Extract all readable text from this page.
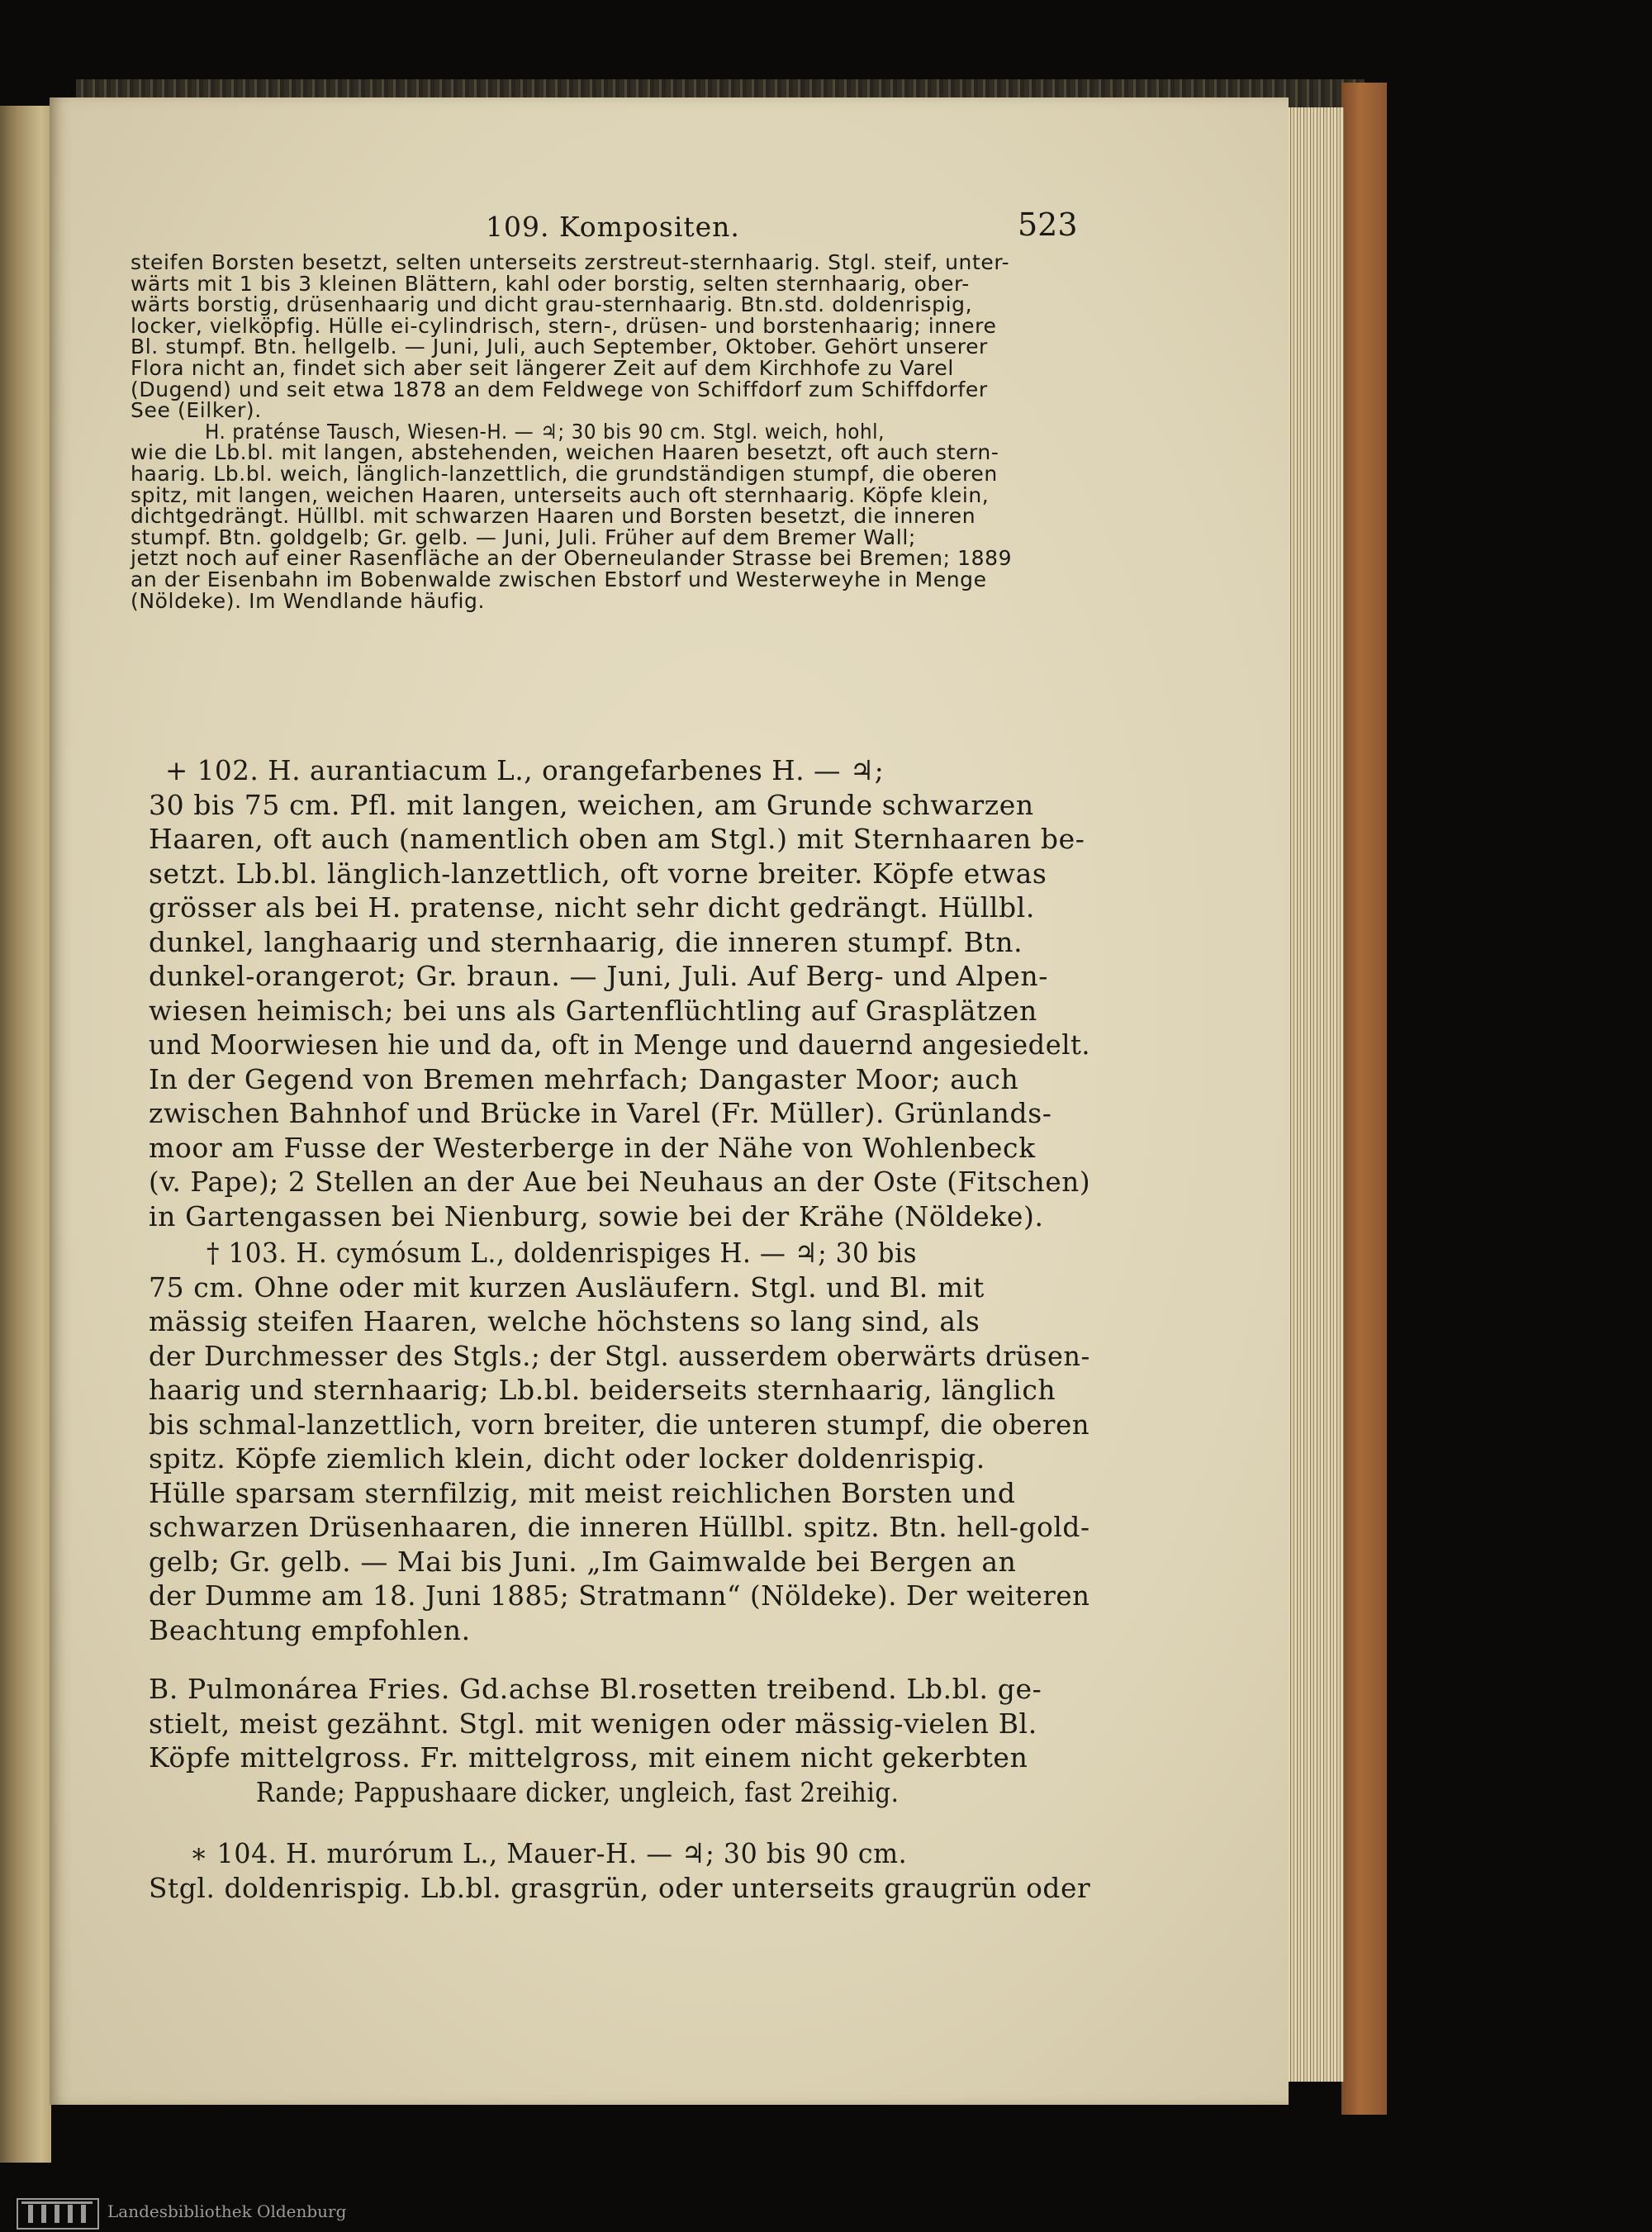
109. Kompositen.	523
steifen Borsten besetzt, selten unterseits zerstreut-sternhaarig. Stgl. steif, unter-
wärts mit 1 bis 3 kleinen Blättern, kahl oder borstig, selten sternhaarig, ober-
wärts borstig, drüsenhaarig und dicht grau-sternhaarig. Btn.std. doldenrispig,
locker, vielköpfig. Hülle ei-cylindrisch, stern-, drüsen- und borstenhaarig; innere
Bl. stumpf. Btn. hellgelb. — Juni, Juli, auch September, Oktober. Gehört unserer
Flora nicht an, findet sich aber seit längerer Zeit auf dem Kirchhofe zu Varel
(Dugend) und seit etwa 1878 an dem Feldwege von Schiffdorf zum Schiffdorfer
See (Eilker).
H. praténse Tausch, Wiesen-H. — ♃; 30 bis 90 cm. Stgl. weich, hohl,
wie die Lb.bl. mit langen, abstehenden, weichen Haaren besetzt, oft auch stern-
haarig. Lb.bl. weich, länglich-lanzettlich, die grundständigen stumpf, die oberen
spitz, mit langen, weichen Haaren, unterseits auch oft sternhaarig. Köpfe klein,
dichtgedrängt. Hüllbl. mit schwarzen Haaren und Borsten besetzt, die inneren
stumpf. Btn. goldgelb; Gr. gelb. — Juni, Juli. Früher auf dem Bremer Wall;
jetzt noch auf einer Rasenfläche an der Oberneulander Strasse bei Bremen; 1889
an der Eisenbahn im Bobenwalde zwischen Ebstorf und Westerweyhe in Menge
(Nöldeke). Im Wendlande häufig.
+ 102. H. aurantiacum L., orangefarbenes H. — ♃;
30 bis 75 cm. Pfl. mit langen, weichen, am Grunde schwarzen
Haaren, oft auch (namentlich oben am Stgl.) mit Sternhaaren be-
setzt. Lb.bl. länglich-lanzettlich, oft vorne breiter. Köpfe etwas
grösser als bei H. pratense, nicht sehr dicht gedrängt. Hüllbl.
dunkel, langhaarig und sternhaarig, die inneren stumpf. Btn.
dunkel-orangerot; Gr. braun. — Juni, Juli. Auf Berg- und Alpen-
wiesen heimisch; bei uns als Gartenflüchtling auf Grasplätzen
und Moorwiesen hie und da, oft in Menge und dauernd angesiedelt.
In der Gegend von Bremen mehrfach; Dangaster Moor; auch
zwischen Bahnhof und Brücke in Varel (Fr. Müller). Grünlands-
moor am Fusse der Westerberge in der Nähe von Wohlenbeck
(v. Pape); 2 Stellen an der Aue bei Neuhaus an der Oste (Fitschen)
in Gartengassen bei Nienburg, sowie bei der Krähe (Nöldeke).
† 103. H. cymósum L., doldenrispiges H. — ♃; 30 bis
75 cm. Ohne oder mit kurzen Ausläufern. Stgl. und Bl. mit
mässig steifen Haaren, welche höchstens so lang sind, als
der Durchmesser des Stgls.; der Stgl. ausserdem oberwärts drüsen-
haarig und sternhaarig; Lb.bl. beiderseits sternhaarig, länglich
bis schmal-lanzettlich, vorn breiter, die unteren stumpf, die oberen
spitz. Köpfe ziemlich klein, dicht oder locker doldenrispig.
Hülle sparsam sternfilzig, mit meist reichlichen Borsten und
schwarzen Drüsenhaaren, die inneren Hüllbl. spitz. Btn. hell-gold-
gelb; Gr. gelb. — Mai bis Juni. „Im Gaimwalde bei Bergen an
der Dumme am 18. Juni 1885; Stratmann“ (Nöldeke). Der weiteren
Beachtung empfohlen.
B. Pulmonárea Fries. Gd.achse Bl.rosetten treibend. Lb.bl. ge-
stielt, meist gezähnt. Stgl. mit wenigen oder mässig-vielen Bl.
Köpfe mittelgross. Fr. mittelgross, mit einem nicht gekerbten
Rande; Pappushaare dicker, ungleich, fast 2reihig.
∗ 104. H. murórum L., Mauer-H. — ♃; 30 bis 90 cm.
Stgl. doldenrispig. Lb.bl. grasgrün, oder unterseits graugrün oder
Landesbibliothek Oldenburg
